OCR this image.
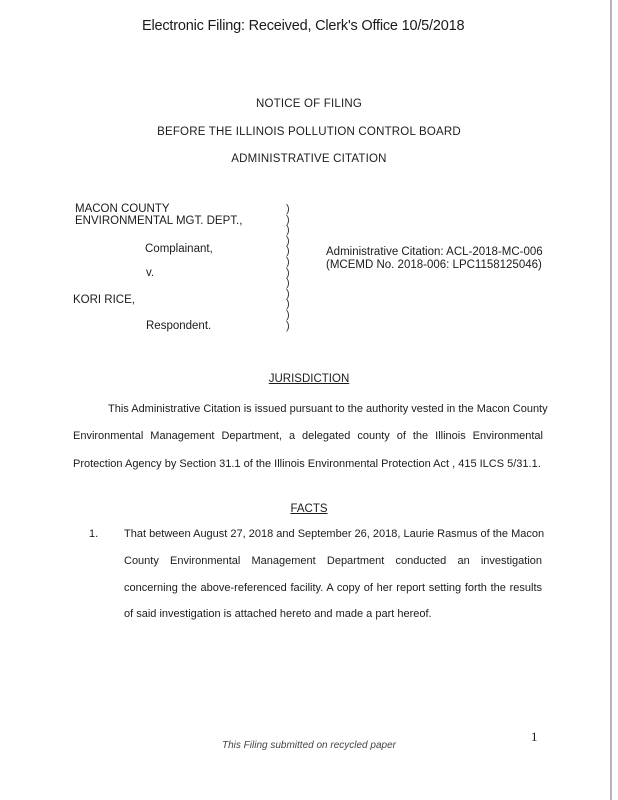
Electronic Filing: Received, Clerk's Office 10/5/2018
NOTICE OF FILING
BEFORE THE ILLINOIS POLLUTION CONTROL BOARD
ADMINISTRATIVE CITATION
MACON COUNTY
ENVIRONMENTAL MGT. DEPT.,
Complainant,
v.
KORI RICE,
Respondent.
)
)
)
)
)
)
)
)
)
)
)
)
Administrative Citation: ACL-2018-MC-006
(MCEMD No. 2018-006: LPC1158125046)
JURISDICTION
This Administrative Citation is issued pursuant to the authority vested in the Macon County
Environmental Management Department, a delegated county of the Illinois Environmental
Protection Agency by Section 31.1 of the Illinois Environmental Protection Act , 415 ILCS 5/31.1.
FACTS
1. That between August 27, 2018 and September 26, 2018, Laurie Rasmus of the Macon
County Environmental Management Department conducted an investigation
concerning the above-referenced facility. A copy of her report setting forth the results
of said investigation is attached hereto and made a part hereof.
1
This Filing submitted on recycled paper
